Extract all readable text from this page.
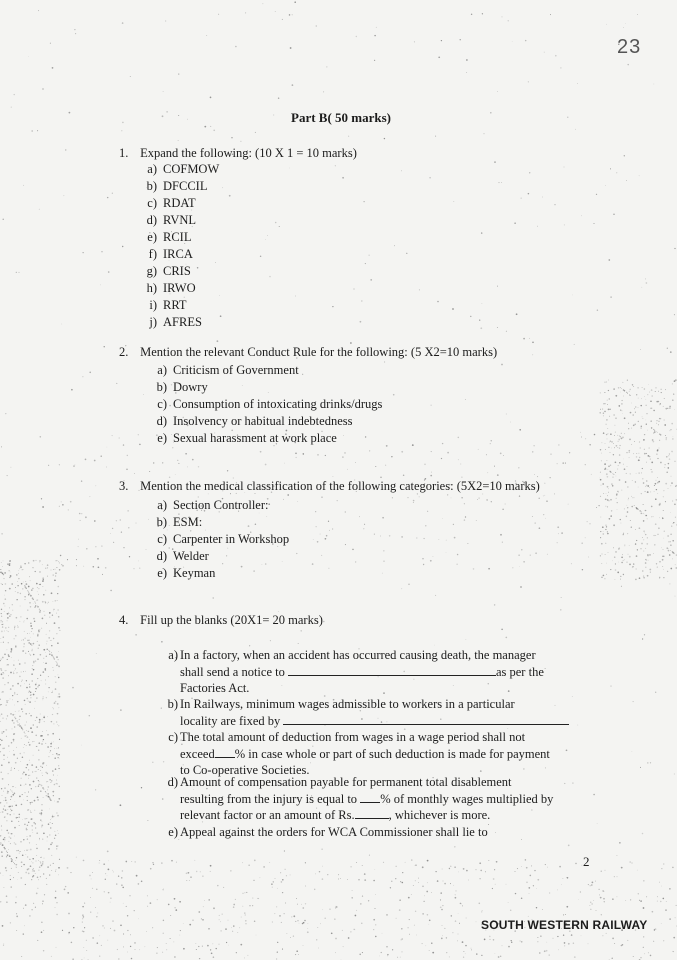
23
Part B( 50 marks)
1. Expand the following: (10 X 1 = 10 marks)
a) COFMOW
b) DFCCIL
c) RDAT
d) RVNL
e) RCIL
f) IRCA
g) CRIS
h) IRWO
i) RRT
j) AFRES
2. Mention the relevant Conduct Rule for the following: (5 X2=10 marks)
a) Criticism of Government
b) Dowry
c) Consumption of intoxicating drinks/drugs
d) Insolvency or habitual indebtedness
e) Sexual harassment at work place
3. Mention the medical classification of the following categories: (5X2=10 marks)
a) Section Controller:
b) ESM:
c) Carpenter in Workshop
d) Welder
e) Keyman
4. Fill up the blanks (20X1= 20 marks)
a) In a factory, when an accident has occurred causing death, the manager
shall send a notice to	as per the
Factories Act.
b) In Railways, minimum wages admissible to workers in a particular
locality are fixed by
c) The total amount of deduction from wages in a wage period shall not
exceed % in case whole or part of such deduction is made for payment
to Co-operative Societies.
d) Amount of compensation payable for permanent total disablement
resulting from the injury is equal to % of monthly wages multiplied by
relevant factor or an amount of Rs.	, whichever is more.
e) Appeal against the orders for WCA Commissioner shall lie to
2
SOUTH WESTERN RAILWAY
